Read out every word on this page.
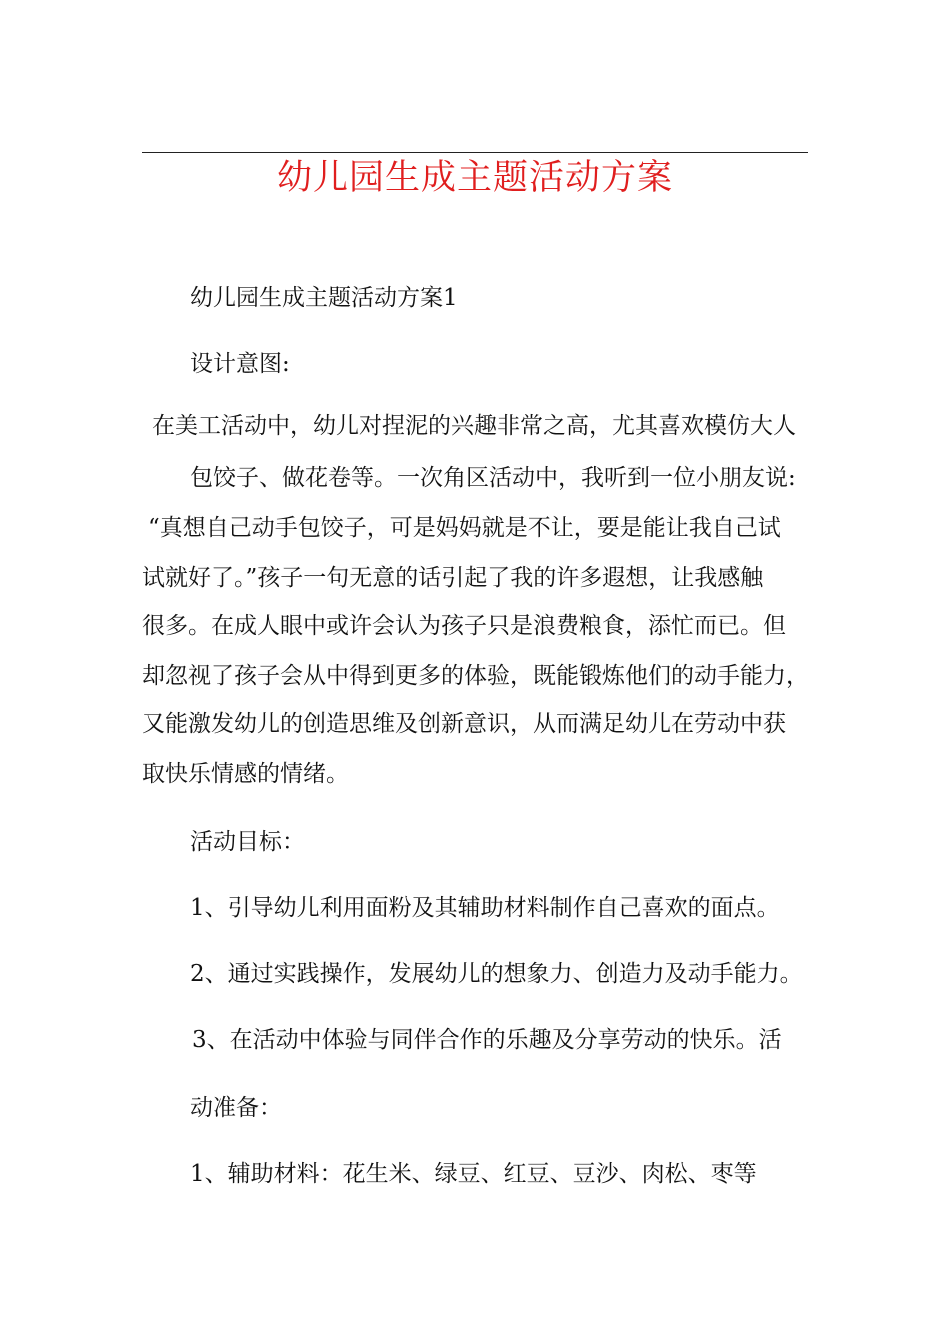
幼儿园生成主题活动方案
幼儿园生成主题活动方案1
设计意图:
在美工活动中，幼儿对捏泥的兴趣非常之高，尤其喜欢模仿大人
包饺子、做花卷等。一次角区活动中，我听到一位小朋友说:
“真想自己动手包饺子，可是妈妈就是不让，要是能让我自己试
试就好了。”孩子一句无意的话引起了我的许多遐想，让我感触
很多。在成人眼中或许会认为孩子只是浪费粮食，添忙而已。但
却忽视了孩子会从中得到更多的体验，既能锻炼他们的动手能力，
又能激发幼儿的创造思维及创新意识，从而满足幼儿在劳动中获
取快乐情感的情绪。
活动目标：
1、引导幼儿利用面粉及其辅助材料制作自己喜欢的面点。
2、通过实践操作，发展幼儿的想象力、创造力及动手能力。
3、在活动中体验与同伴合作的乐趣及分享劳动的快乐。活
动准备：
1、辅助材料：花生米、绿豆、红豆、豆沙、肉松、枣等
